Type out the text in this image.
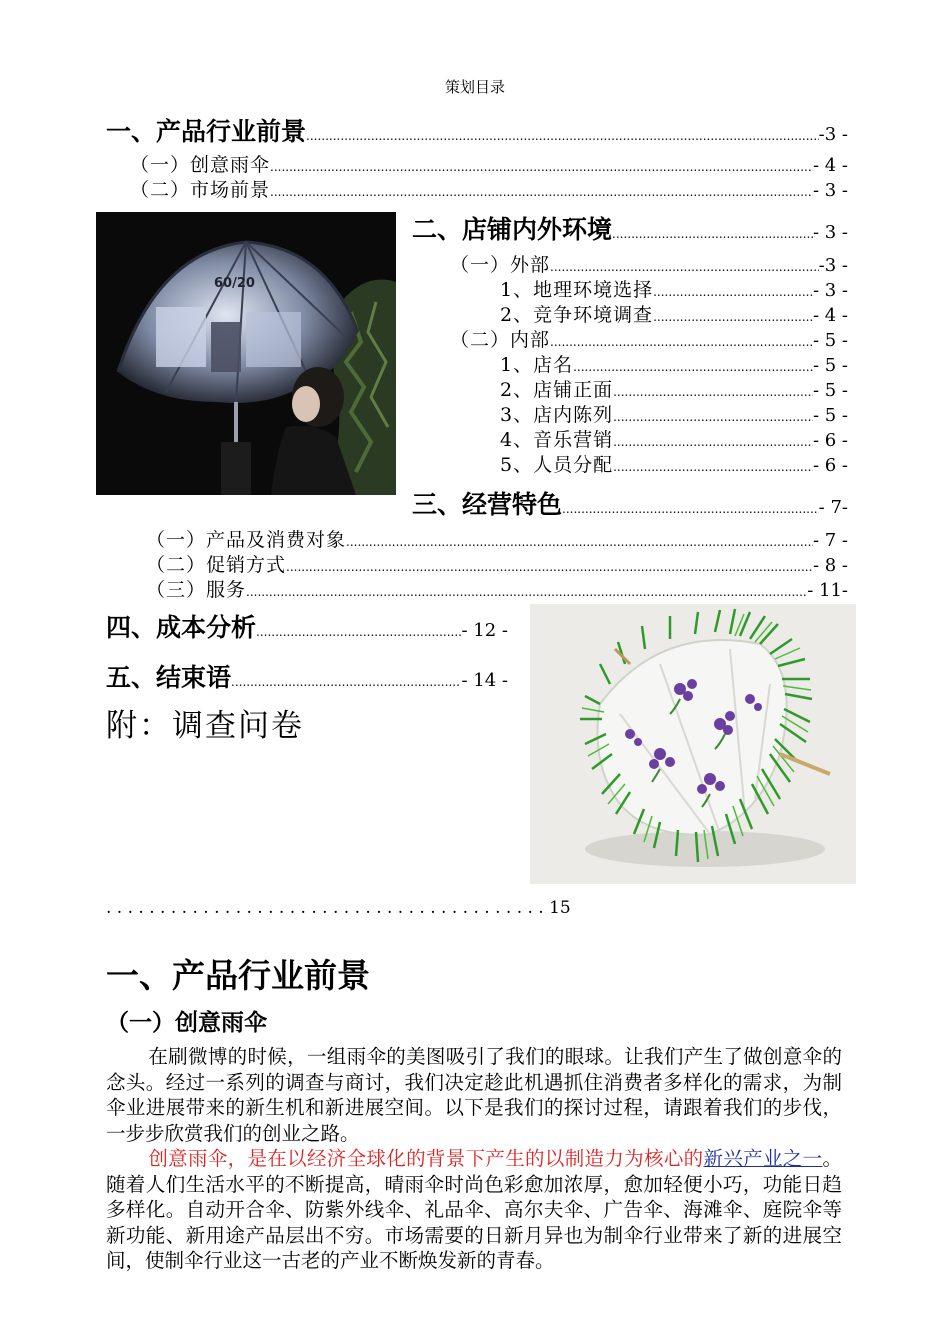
策划目录
一、产品行业前景 .....	-3 -
（一）创意雨伞 .....	- 4 -
（二）市场前景 .....	- 3 -
60/20
二、店铺内外环境 .....	- 3 -
（一）外部 .....	-3 -
1、地理环境选择 .....	- 3 -
2、竞争环境调查 .....	- 4 -
（二）内部 .....	- 5 -
1、店名 .....	- 5 -
2、店铺正面 .....	- 5 -
3、店内陈列 .....	- 5 -
4、音乐营销 .....	- 6 -
5、人员分配 .....	- 6 -
三、经营特色 .....	- 7-
（一）产品及消费对象 .....	- 7 -
（二）促销方式 .....	- 8 -
（三）服务 .....	- 11-
四、成本分析 .....	- 12 -
五、结束语 .....	- 14 -
附：调查问卷
. . . . . . . . . . . . . . . . . . . . . . . . . . . . . . . . . . . . . . . . . 15
一、产品行业前景
（一）创意雨伞
在刷微博的时候，一组雨伞的美图吸引了我们的眼球。让我们产生了做创意伞的念头。经过一系列的调查与商讨，我们决定趁此机遇抓住消费者多样化的需求，为制伞业进展带来的新生机和新进展空间。以下是我们的探讨过程，请跟着我们的步伐，一步步欣赏我们的创业之路。
创意雨伞，是在以经济全球化的背景下产生的以制造力为核心的新兴产业之一。随着人们生活水平的不断提高，晴雨伞时尚色彩愈加浓厚，愈加轻便小巧，功能日趋多样化。自动开合伞、防紫外线伞、礼品伞、高尔夫伞、广告伞、海滩伞、庭院伞等新功能、新用途产品层出不穷。市场需要的日新月异也为制伞行业带来了新的进展空间，使制伞行业这一古老的产业不断焕发新的青春。
